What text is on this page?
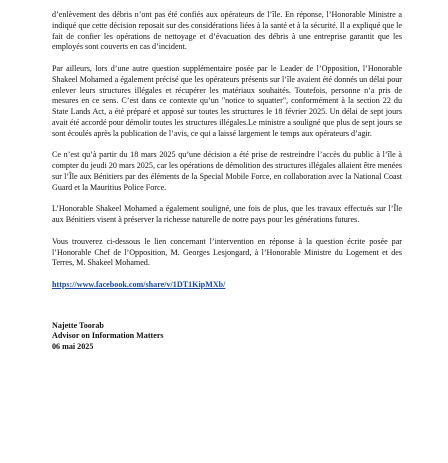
d’enlèvement des débris n’ont pas été confiés aux opérateurs de l’île. En réponse, l’Honorable Ministre a indiqué que cette décision reposait sur des considérations liées à la santé et à la sécurité. Il a expliqué que le fait de confier les opérations de nettoyage et d’évacuation des débris à une entreprise garantit que les employés sont couverts en cas d’incident.

Par ailleurs, lors d’une autre question supplémentaire posée par le Leader de l’Opposition, l’Honorable Shakeel Mohamed a également précisé que les opérateurs présents sur l’île avaient été donnés un délai pour enlever leurs structures illégales et récupérer les matériaux souhaités. Toutefois, personne n’a pris de mesures en ce sens. C’est dans ce contexte qu’un "notice to squatter", conformément à la section 22 du State Lands Act, a été préparé et apposé sur toutes les structures le 18 février 2025. Un délai de sept jours avait été accordé pour démolir toutes les structures illégales.Le ministre a souligné que plus de sept jours se sont écoulés après la publication de l’avis, ce qui a laissé largement le temps aux opérateurs d’agir.

Ce n’est qu’à partir du 18 mars 2025 qu’une décision a été prise de restreindre l’accès du public à l’île à compter du jeudi 20 mars 2025, car les opérations de démolition des structures illégales allaient être menées sur l’Île aux Bénitiers par des éléments de la Special Mobile Force, en collaboration avec la National Coast Guard et la Mauritius Police Force.

L’Honorable Shakeel Mohamed a également souligné, une fois de plus, que les travaux effectués sur l’Île aux Bénitiers visent à préserver la richesse naturelle de notre pays pour les générations futures.

Vous trouverez ci-dessous le lien concernant l’intervention en réponse à la question écrite posée par l’Honorable Chef de l’Opposition, M. Georges Lesjongard, à l’Honorable Ministre du Logement et des Terres, M. Shakeel Mohamed.

https://www.facebook.com/share/v/1DT1KipMXb/

Najette Toorab

Advisor on Information Matters

06 mai 2025
